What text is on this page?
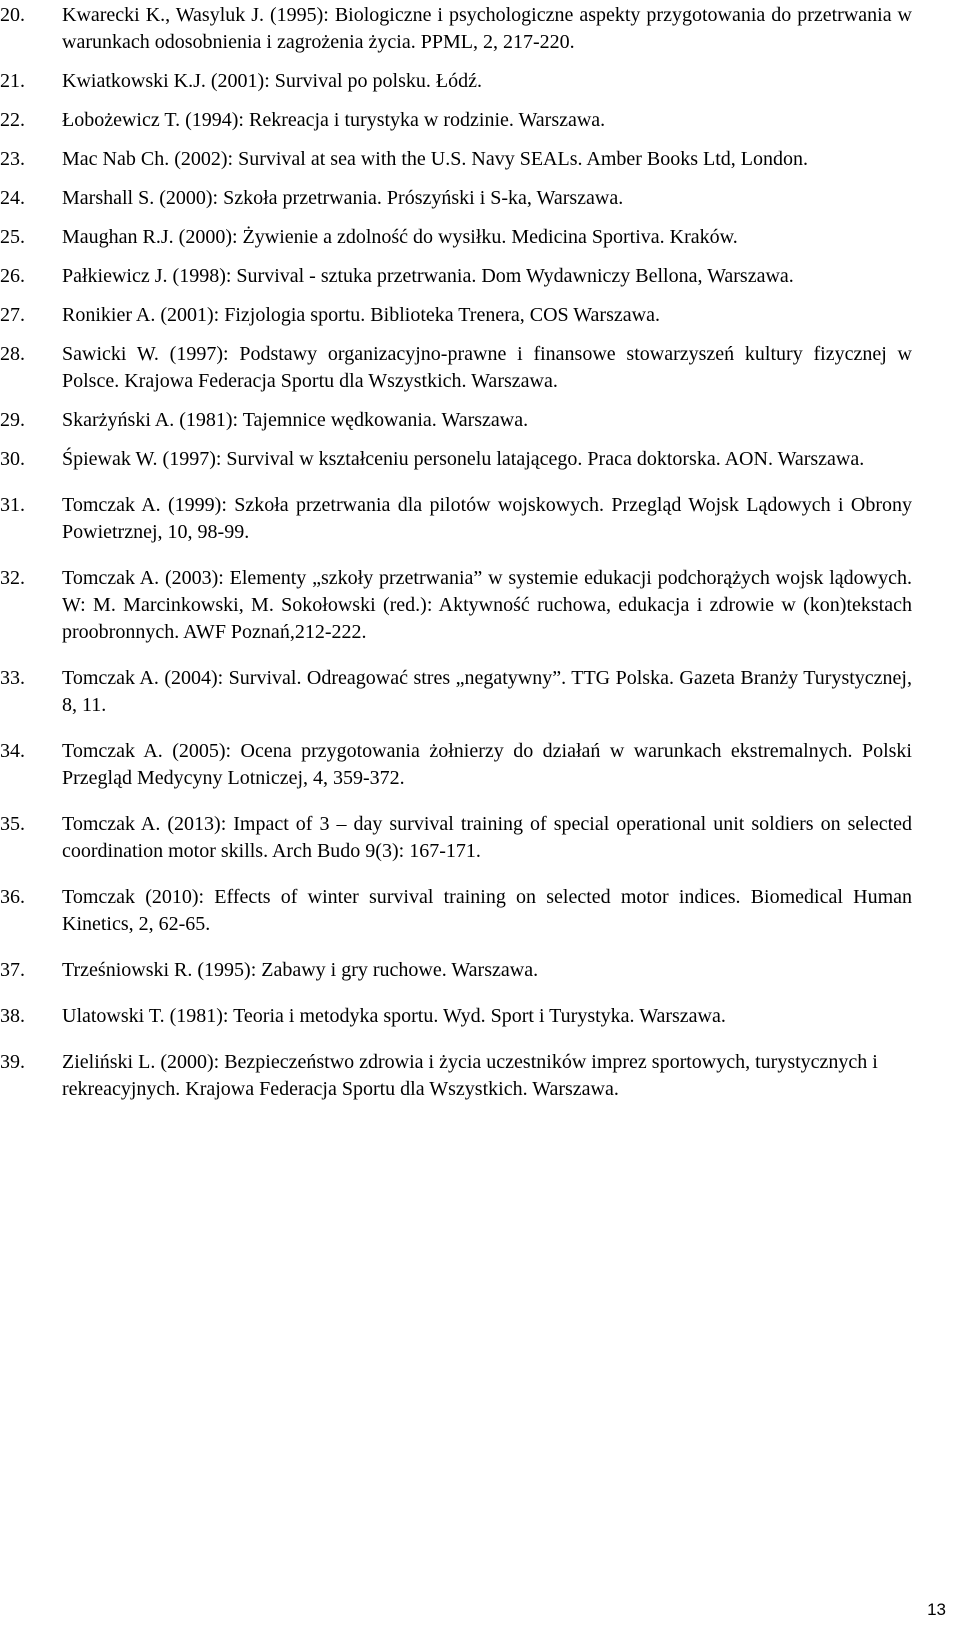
20.	Kwarecki K., Wasyluk J. (1995): Biologiczne i psychologiczne aspekty przygotowania do przetrwania w warunkach odosobnienia i zagrożenia życia. PPML, 2, 217-220.
21.	Kwiatkowski K.J. (2001): Survival po polsku. Łódź.
22.	Łobożewicz T. (1994): Rekreacja i turystyka w rodzinie. Warszawa.
23.	Mac Nab Ch. (2002): Survival at sea with the U.S. Navy SEALs. Amber Books Ltd, London.
24.	Marshall S. (2000): Szkoła przetrwania. Prószyński i S-ka, Warszawa.
25.	Maughan R.J. (2000): Żywienie a zdolność do wysiłku. Medicina Sportiva. Kraków.
26.	Pałkiewicz J. (1998): Survival - sztuka przetrwania. Dom Wydawniczy Bellona, Warszawa.
27.	Ronikier A. (2001): Fizjologia sportu. Biblioteka Trenera, COS Warszawa.
28.	Sawicki W. (1997): Podstawy organizacyjno-prawne i finansowe stowarzyszeń kultury fizycznej w Polsce. Krajowa Federacja Sportu dla Wszystkich. Warszawa.
29.	Skarżyński A. (1981): Tajemnice wędkowania. Warszawa.
30.	Śpiewak W. (1997): Survival w kształceniu personelu latającego. Praca doktorska. AON. Warszawa.
31.	Tomczak A. (1999): Szkoła przetrwania dla pilotów wojskowych. Przegląd Wojsk Lądowych i Obrony Powietrznej, 10, 98-99.
32.	Tomczak A. (2003): Elementy „szkoły przetrwania” w systemie edukacji podchorążych wojsk lądowych. W: M. Marcinkowski, M. Sokołowski (red.): Aktywność ruchowa, edukacja i zdrowie w (kon)tekstach proobronnych. AWF Poznań,212-222.
33.	Tomczak A. (2004): Survival. Odreagować stres „negatywny”. TTG Polska. Gazeta Branży Turystycznej, 8, 11.
34.	Tomczak A. (2005): Ocena przygotowania żołnierzy do działań w warunkach ekstremalnych. Polski Przegląd Medycyny Lotniczej, 4, 359-372.
35.	Tomczak A. (2013): Impact of 3 – day survival training of special operational unit soldiers on selected coordination motor skills. Arch Budo 9(3): 167-171.
36.	Tomczak (2010): Effects of winter survival training on selected motor indices. Biomedical Human Kinetics, 2, 62-65.
37.	Trześniowski R. (1995): Zabawy i gry ruchowe. Warszawa.
38.	Ulatowski T. (1981): Teoria i metodyka sportu. Wyd. Sport i Turystyka. Warszawa.
39.	Zieliński L. (2000): Bezpieczeństwo zdrowia i życia uczestników imprez sportowych, turystycznych i rekreacyjnych. Krajowa Federacja Sportu dla Wszystkich. Warszawa.
13
